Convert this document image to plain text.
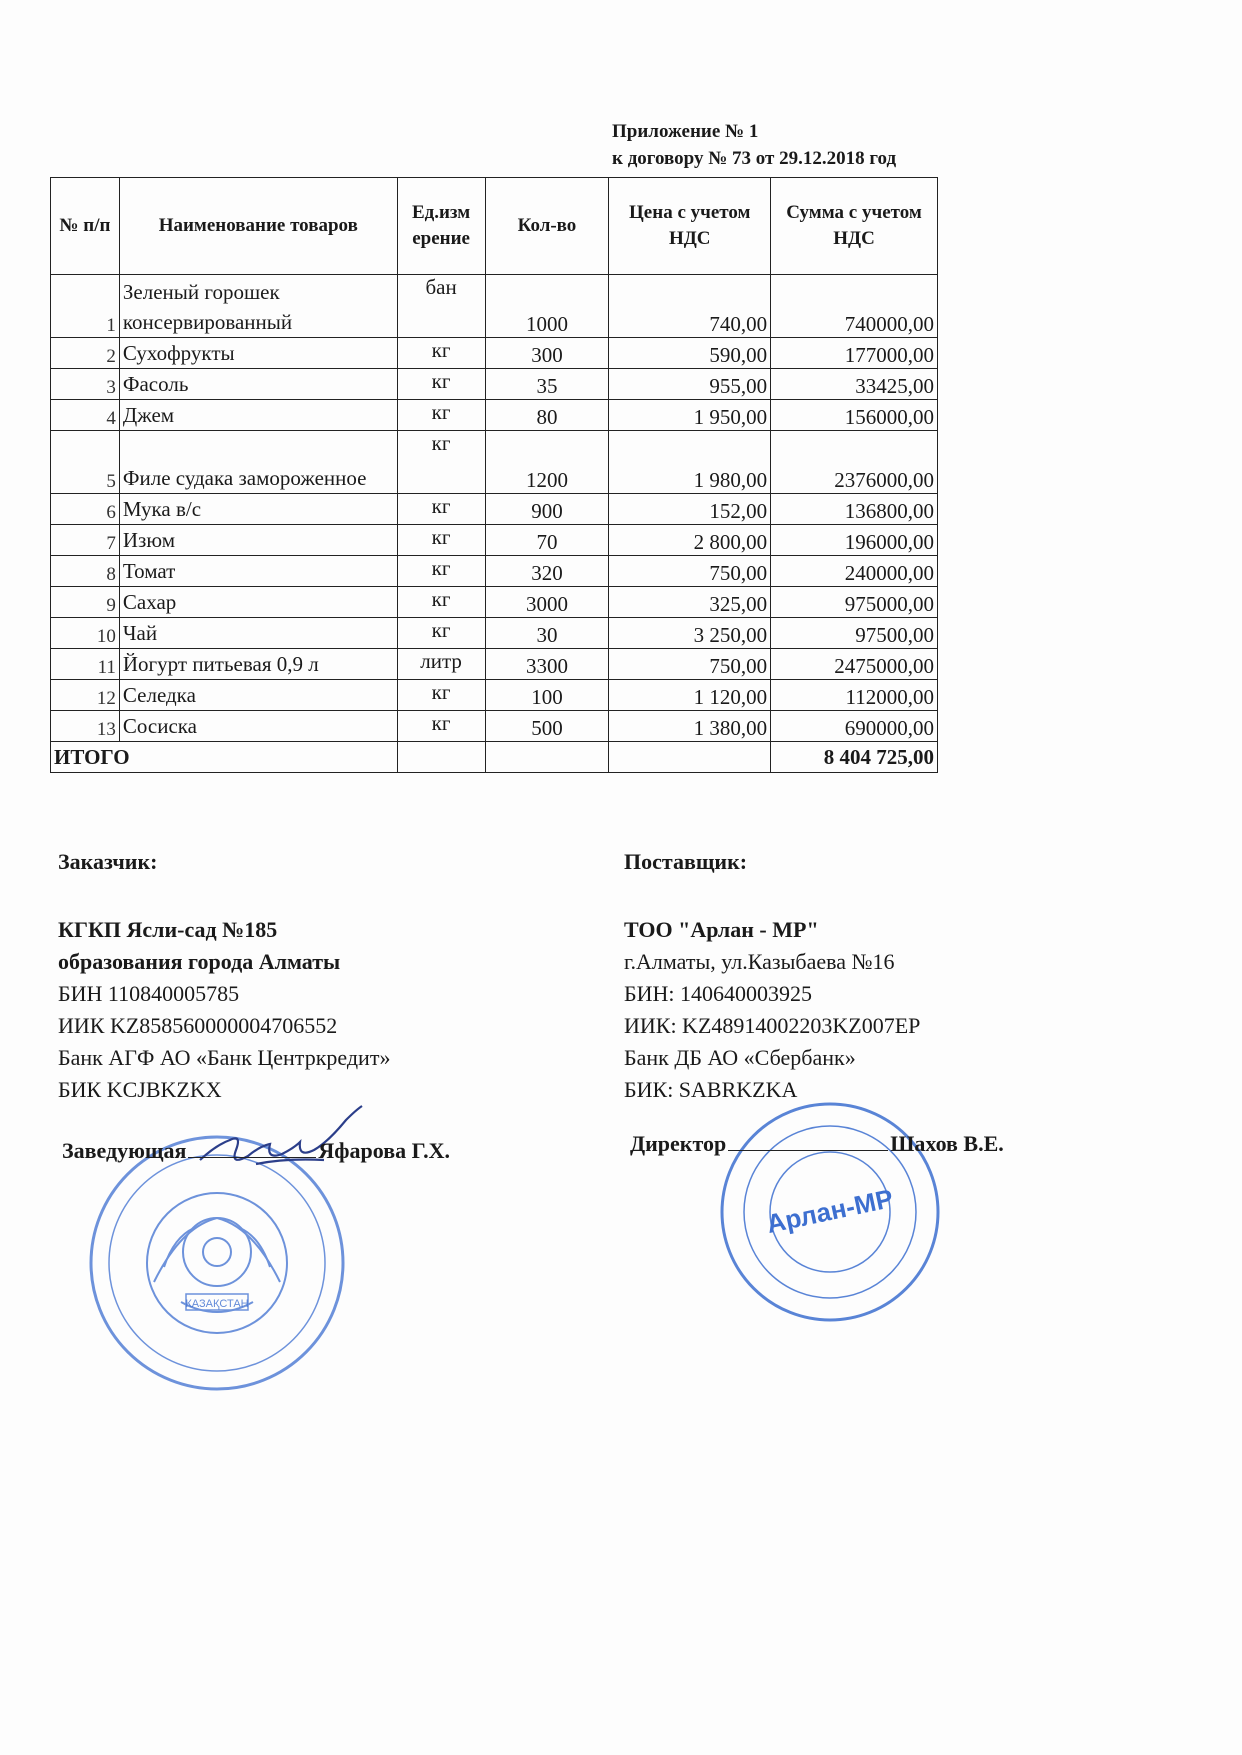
Приложение № 1
к договору № 73 от 29.12.2018 год
№ п/п	Наименование товаров	Ед.изм ерение	Кол-во	Цена с учетом НДС	Сумма с учетом НДС
1	Зеленый горошек консервированный	бан	1000	740,00	740000,00
2	Сухофрукты	кг	300	590,00	177000,00
3	Фасоль	кг	35	955,00	33425,00
4	Джем	кг	80	1 950,00	156000,00
5	Филе судака замороженное	кг	1200	1 980,00	2376000,00
6	Мука в/с	кг	900	152,00	136800,00
7	Изюм	кг	70	2 800,00	196000,00
8	Томат	кг	320	750,00	240000,00
9	Сахар	кг	3000	325,00	975000,00
10	Чай	кг	30	3 250,00	97500,00
11	Йогурт питьевая 0,9 л	литр	3300	750,00	2475000,00
12	Селедка	кг	100	1 120,00	112000,00
13	Сосиска	кг	500	1 380,00	690000,00
ИТОГО					8 404 725,00
Заказчик:
КГКП Ясли-сад №185
образования города Алматы
БИН 110840005785
ИИК KZ858560000004706552
Банк АГФ АО «Банк Центркредит»
БИК KCJBKZKX
Поставщик:
ТОО "Арлан - МР"
г.Алматы, ул.Казыбаева №16
БИН: 140640003925
ИИК: KZ48914002203KZ007EP
Банк ДБ АО «Сбербанк»
БИК: SABRKZKA
КАЗАҚСТАН
Заведующая	Яфарова Г.Х.
Арлан-МР
Директор	Шахов В.Е.
